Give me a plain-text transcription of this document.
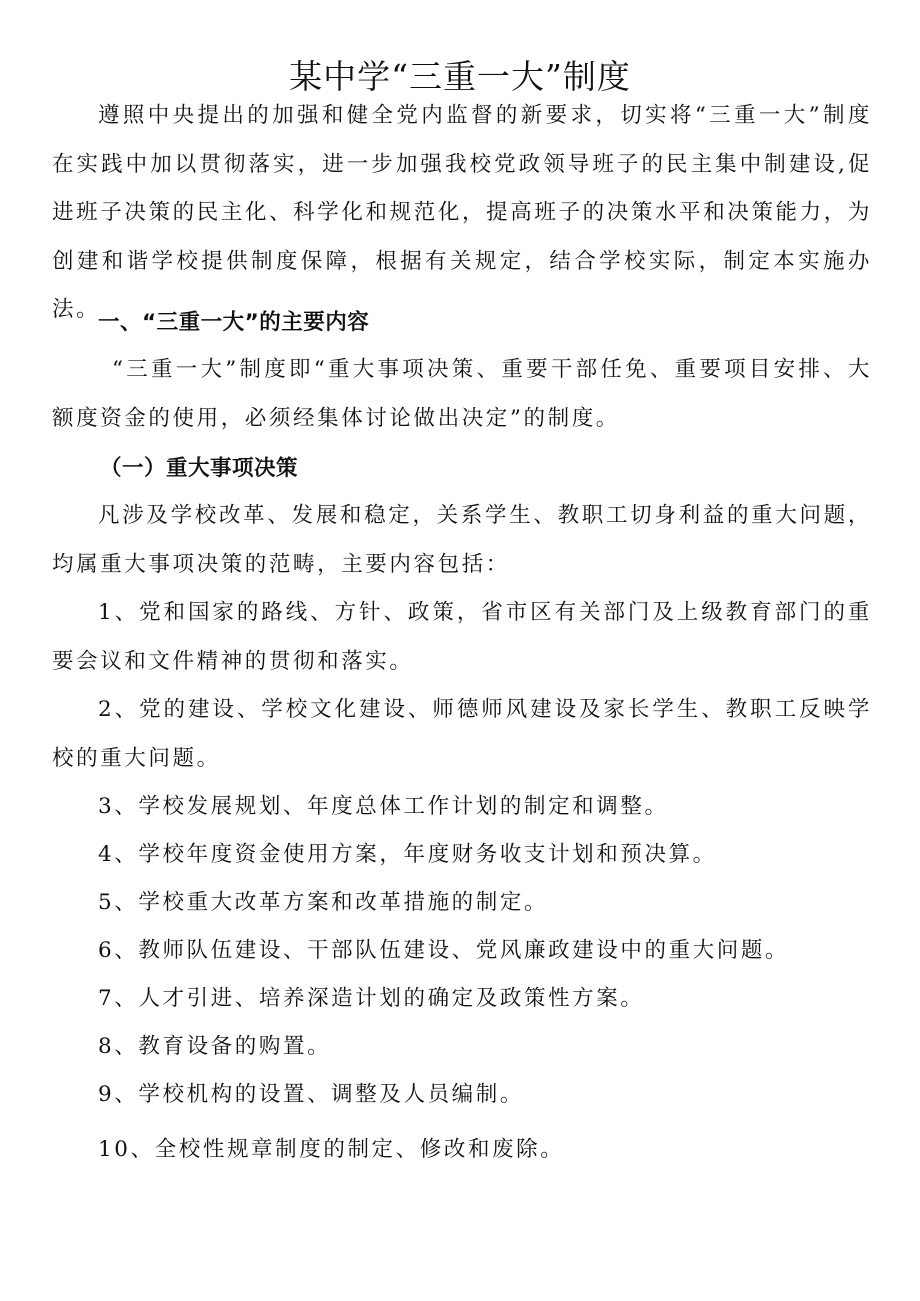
某中学“三重一大”制度
遵照中央提出的加强和健全党内监督的新要求，切实将“三重一大”制度在实践中加以贯彻落实，进一步加强我校党政领导班子的民主集中制建设,促进班子决策的民主化、科学化和规范化，提高班子的决策水平和决策能力，为创建和谐学校提供制度保障，根据有关规定，结合学校实际，制定本实施办法。
一、“三重一大”的主要内容
“三重一大”制度即“重大事项决策、重要干部任免、重要项目安排、大额度资金的使用，必须经集体讨论做出决定”的制度。
（一）重大事项决策
凡涉及学校改革、发展和稳定，关系学生、教职工切身利益的重大问题，均属重大事项决策的范畴，主要内容包括：
1、党和国家的路线、方针、政策，省市区有关部门及上级教育部门的重要会议和文件精神的贯彻和落实。
2、党的建设、学校文化建设、师德师风建设及家长学生、教职工反映学校的重大问题。
3、学校发展规划、年度总体工作计划的制定和调整。
4、学校年度资金使用方案，年度财务收支计划和预决算。
5、学校重大改革方案和改革措施的制定。
6、教师队伍建设、干部队伍建设、党风廉政建设中的重大问题。
7、人才引进、培养深造计划的确定及政策性方案。
8、教育设备的购置。
9、学校机构的设置、调整及人员编制。
10、全校性规章制度的制定、修改和废除。
